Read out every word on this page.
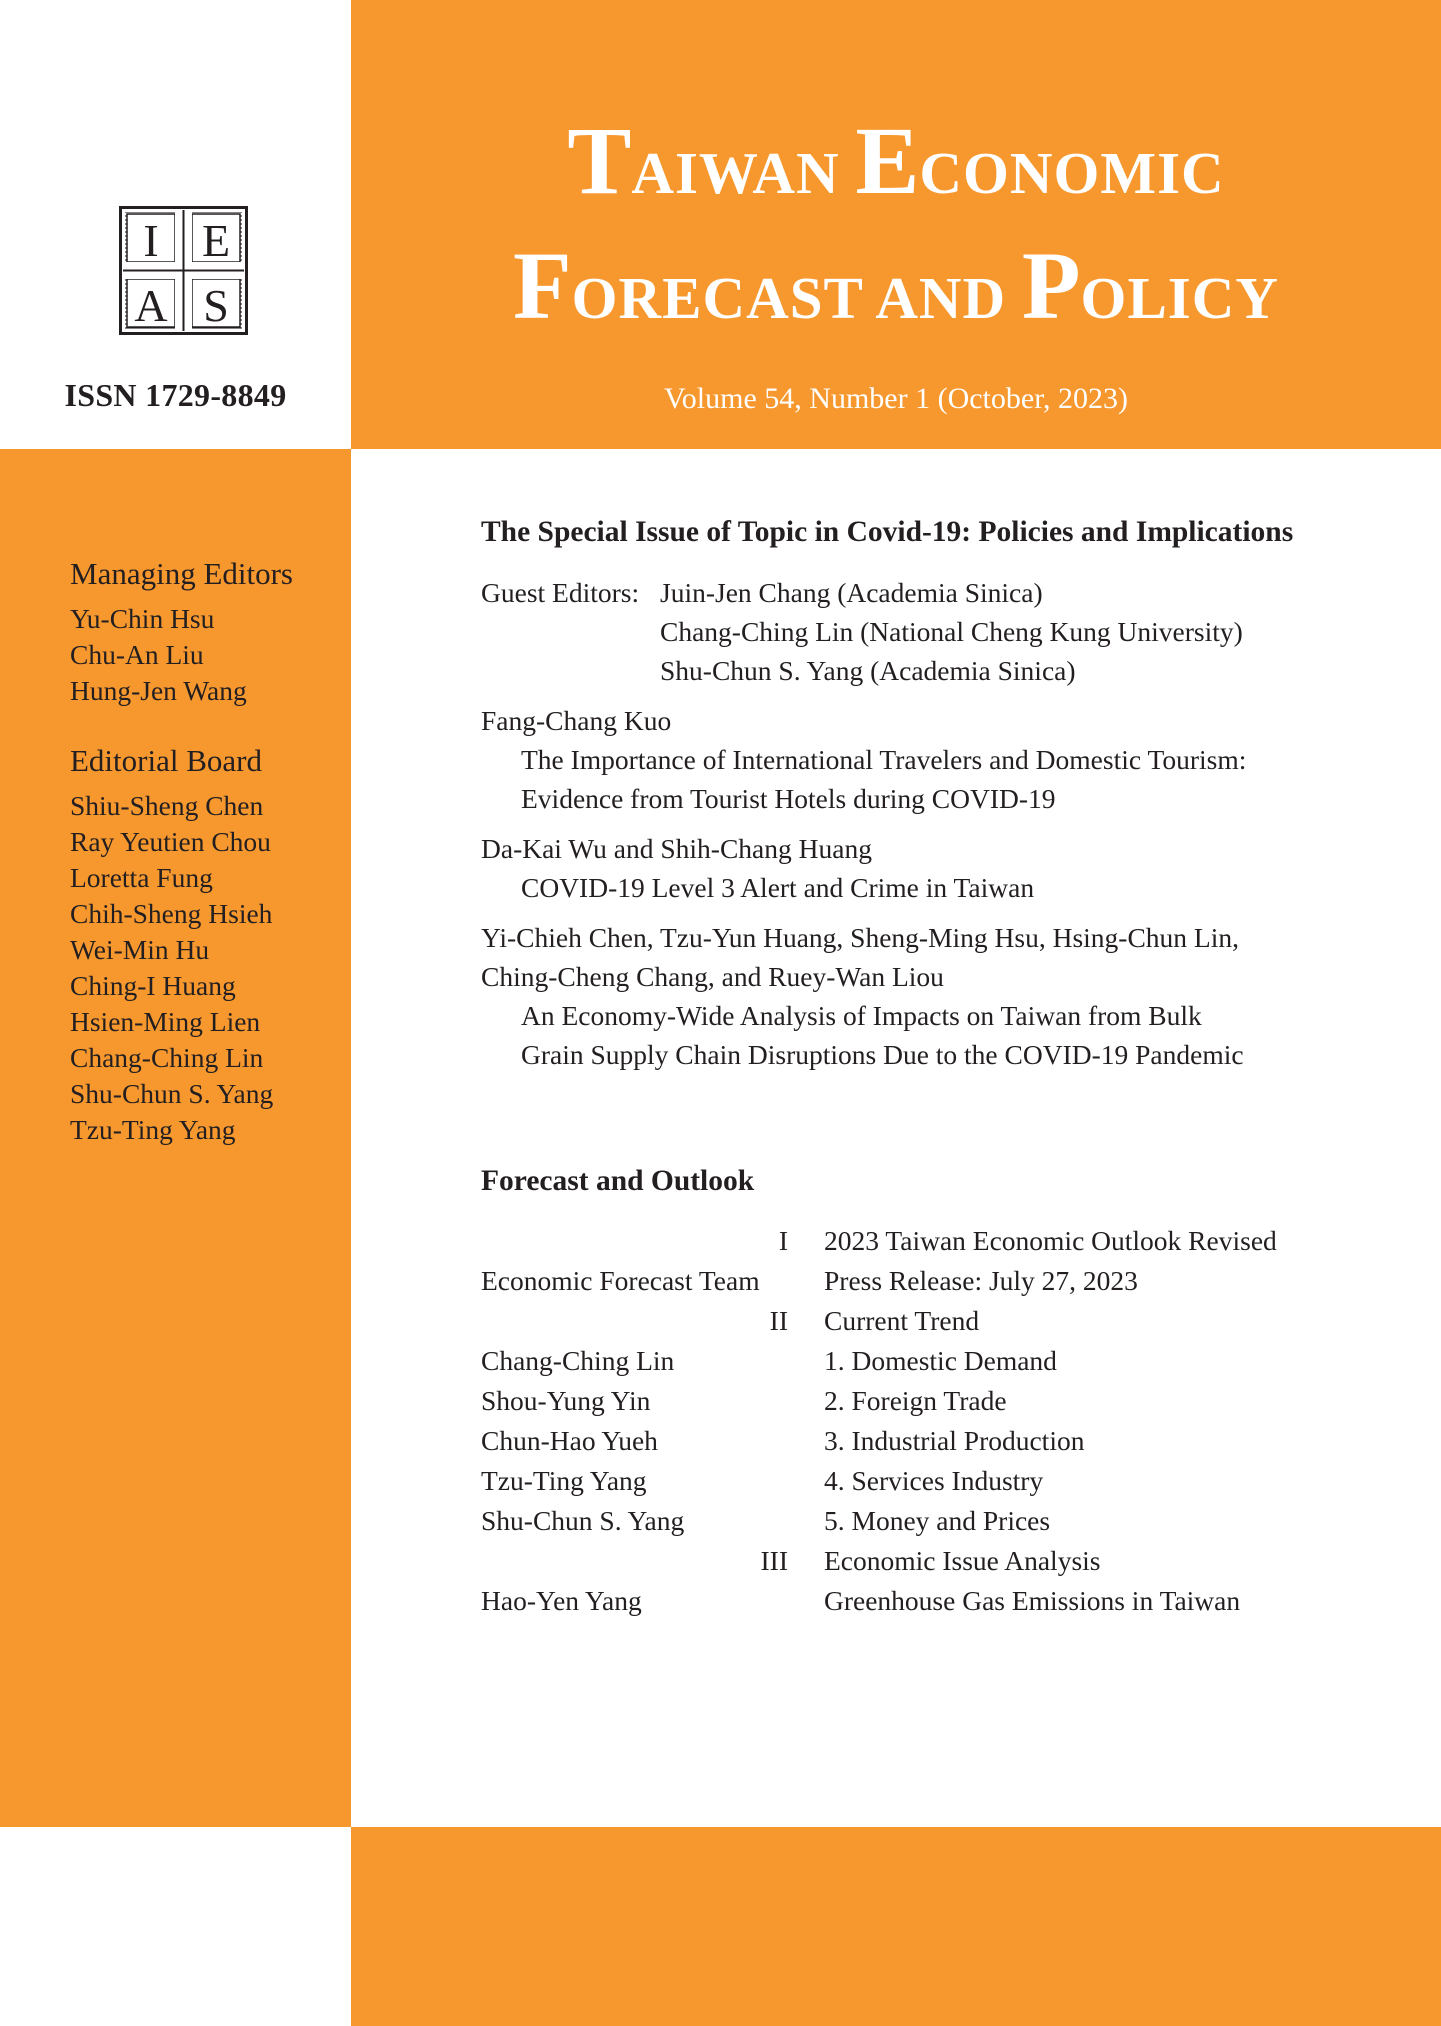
I E
A S
ISSN 1729-8849
TAIWAN ECONOMIC
FORECAST AND POLICY
Volume 54, Number 1 (October, 2023)

Managing Editors

Yu-Chin Hsu

Chu-An Liu

Hung-Jen Wang

Editorial Board

Shiu-Sheng Chen

Ray Yeutien Chou

Loretta Fung

Chih-Sheng Hsieh

Wei-Min Hu

Ching-I Huang

Hsien-Ming Lien

Chang-Ching Lin

Shu-Chun S. Yang

Tzu-Ting Yang

The Special Issue of Topic in Covid-19: Policies and Implications

Guest Editors: Juin-Jen Chang (Academia Sinica)

Chang-Ching Lin (National Cheng Kung University)

Shu-Chun S. Yang (Academia Sinica)

Fang-Chang Kuo

The Importance of International Travelers and Domestic Tourism:

Evidence from Tourist Hotels during COVID-19

Da-Kai Wu and Shih-Chang Huang

COVID-19 Level 3 Alert and Crime in Taiwan

Yi-Chieh Chen, Tzu-Yun Huang, Sheng-Ming Hsu, Hsing-Chun Lin,

Ching-Cheng Chang, and Ruey-Wan Liou

An Economy-Wide Analysis of Impacts on Taiwan from Bulk

Grain Supply Chain Disruptions Due to the COVID-19 Pandemic

Forecast and Outlook

I 2023 Taiwan Economic Outlook Revised
Economic Forecast Team Press Release: July 27, 2023
II Current Trend
Chang-Ching Lin	1. Domestic Demand
Shou-Yung Yin	2. Foreign Trade
Chun-Hao Yueh	3. Industrial Production
Tzu-Ting Yang	4. Services Industry
Shu-Chun S. Yang	5. Money and Prices
III Economic Issue Analysis
Hao-Yen Yang	Greenhouse Gas Emissions in Taiwan
